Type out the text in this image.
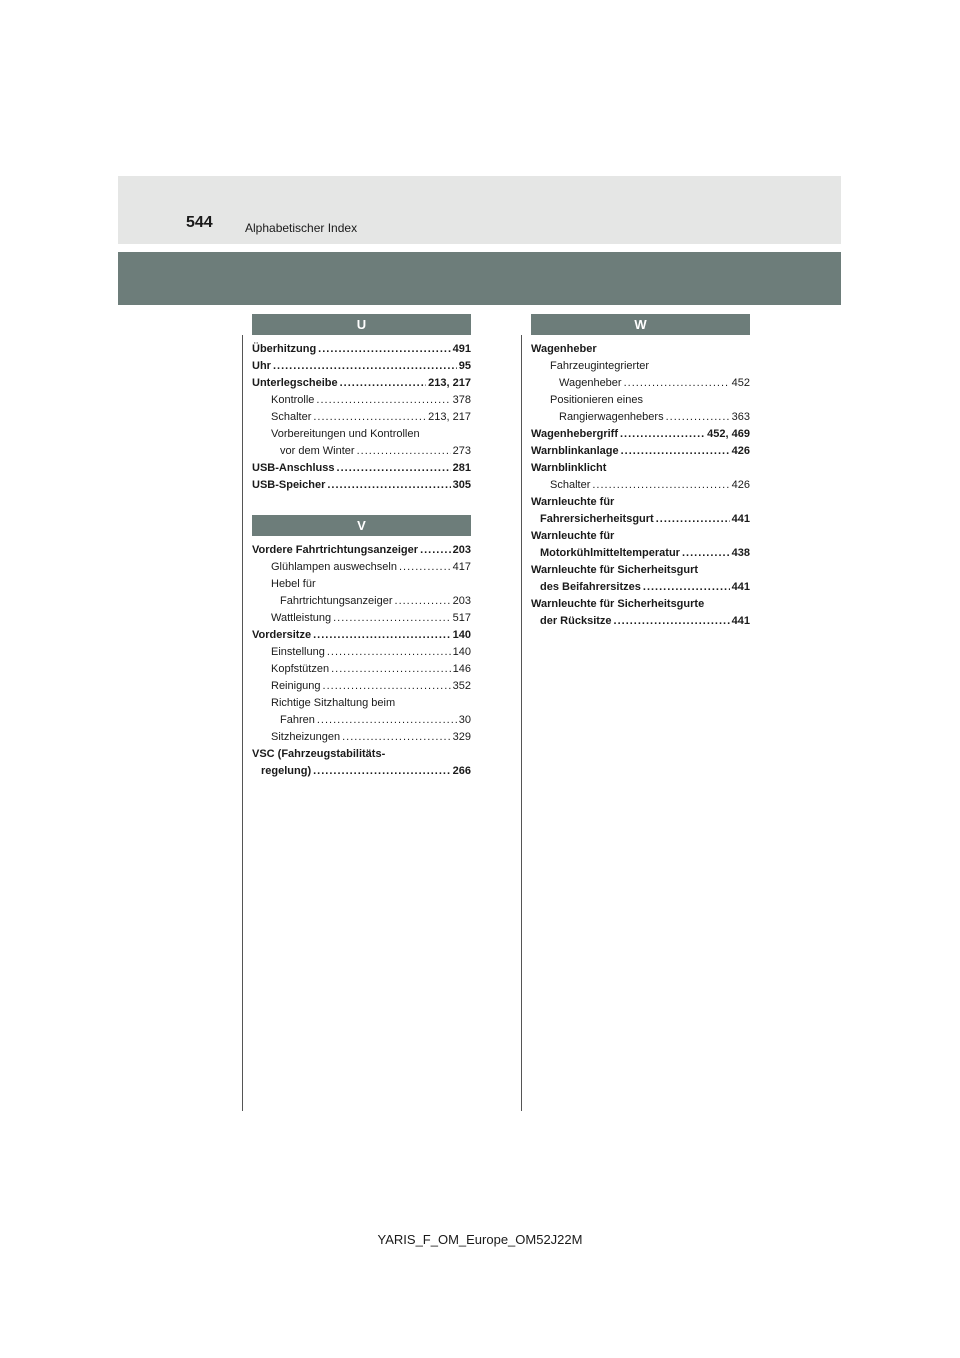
544	Alphabetischer Index
U
Überhitzung .....	491
Uhr .....	95
Unterlegscheibe .....	213, 217
Kontrolle .....	378
Schalter .....	213, 217
Vorbereitungen und Kontrollen
vor dem Winter .....	273
USB-Anschluss .....	281
USB-Speicher .....	305
V
Vordere Fahrtrichtungsanzeiger .....	203
Glühlampen auswechseln .....	417
Hebel für
Fahrtrichtungsanzeiger .....	203
Wattleistung .....	517
Vordersitze .....	140
Einstellung .....	140
Kopfstützen .....	146
Reinigung .....	352
Richtige Sitzhaltung beim
Fahren .....	30
Sitzheizungen .....	329
VSC (Fahrzeugstabilitäts-
regelung) .....	266
W
Wagenheber
Fahrzeugintegrierter
Wagenheber .....	452
Positionieren eines
Rangierwagenhebers .....	363
Wagenhebergriff .....	452, 469
Warnblinkanlage .....	426
Warnblinklicht
Schalter .....	426
Warnleuchte für
Fahrersicherheitsgurt .....	441
Warnleuchte für
Motorkühlmitteltemperatur .....	438
Warnleuchte für Sicherheitsgurt
des Beifahrersitzes .....	441
Warnleuchte für Sicherheitsgurte
der Rücksitze .....	441
YARIS_F_OM_Europe_OM52J22M
